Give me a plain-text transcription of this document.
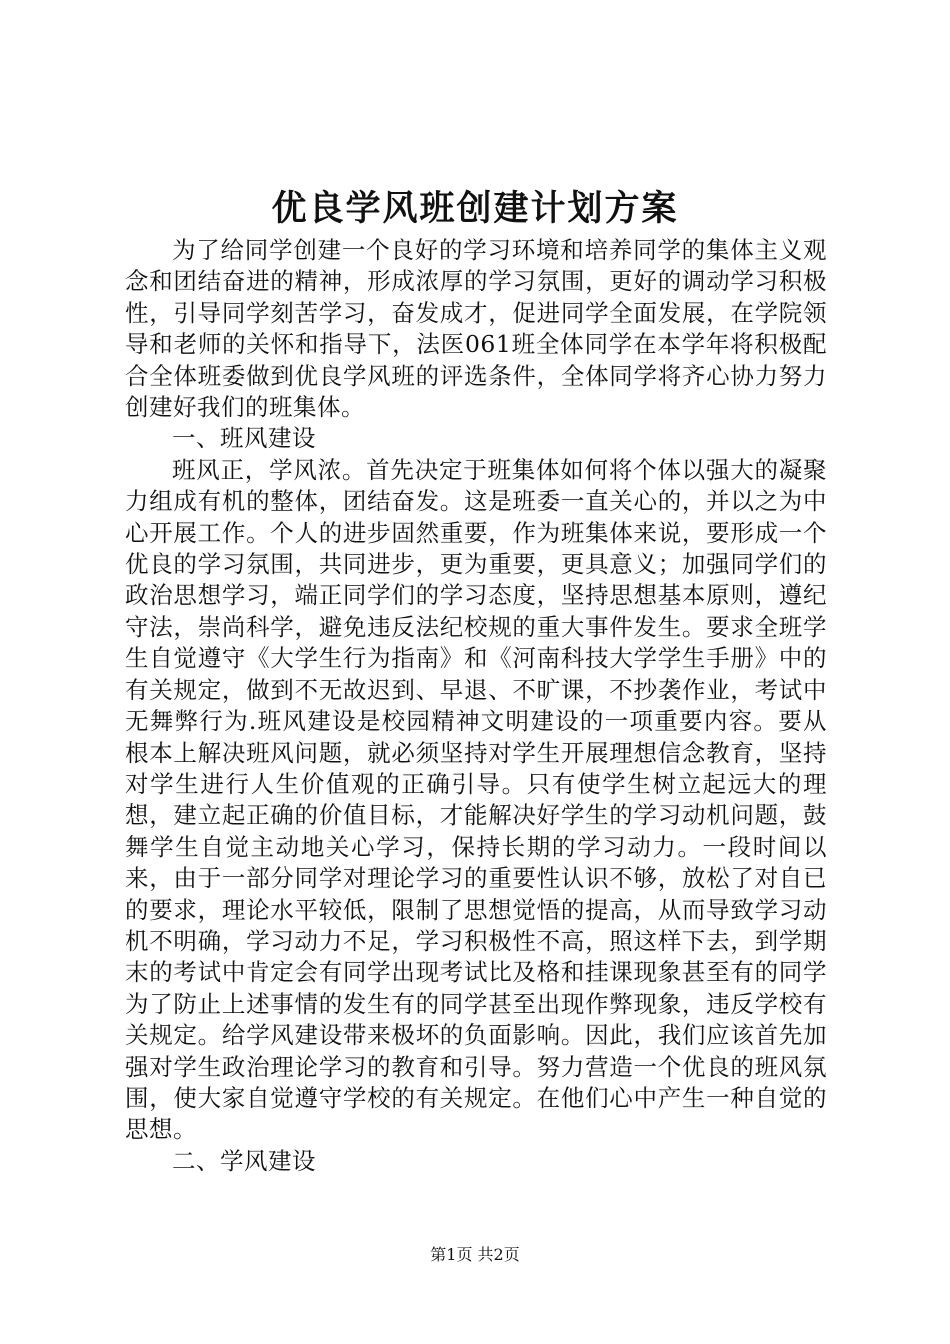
优良学风班创建计划方案

为了给同学创建一个良好的学习环境和培养同学的集体主义观念和团结奋进的精神，形成浓厚的学习氛围，更好的调动学习积极性，引导同学刻苦学习，奋发成才，促进同学全面发展，在学院领导和老师的关怀和指导下，法医061班全体同学在本学年将积极配合全体班委做到优良学风班的评选条件，全体同学将齐心协力努力创建好我们的班集体。

一、班风建设

班风正，学风浓。首先决定于班集体如何将个体以强大的凝聚力组成有机的整体，团结奋发。这是班委一直关心的，并以之为中心开展工作。个人的进步固然重要，作为班集体来说，要形成一个优良的学习氛围，共同进步，更为重要，更具意义；加强同学们的政治思想学习，端正同学们的学习态度，坚持思想基本原则，遵纪守法，崇尚科学，避免违反法纪校规的重大事件发生。要求全班学生自觉遵守《大学生行为指南》和《河南科技大学学生手册》中的有关规定，做到不无故迟到、早退、不旷课，不抄袭作业，考试中无舞弊行为.班风建设是校园精神文明建设的一项重要内容。要从根本上解决班风问题，就必须坚持对学生开展理想信念教育，坚持对学生进行人生价值观的正确引导。只有使学生树立起远大的理想，建立起正确的价值目标，才能解决好学生的学习动机问题，鼓舞学生自觉主动地关心学习，保持长期的学习动力。一段时间以来，由于一部分同学对理论学习的重要性认识不够，放松了对自已的要求，理论水平较低，限制了思想觉悟的提高，从而导致学习动机不明确，学习动力不足，学习积极性不高，照这样下去，到学期末的考试中肯定会有同学出现考试比及格和挂课现象甚至有的同学为了防止上述事情的发生有的同学甚至出现作弊现象，违反学校有关规定。给学风建设带来极坏的负面影响。因此，我们应该首先加强对学生政治理论学习的教育和引导。努力营造一个优良的班风氛围，使大家自觉遵守学校的有关规定。在他们心中产生一种自觉的思想。

二、学风建设

第1页 共2页
